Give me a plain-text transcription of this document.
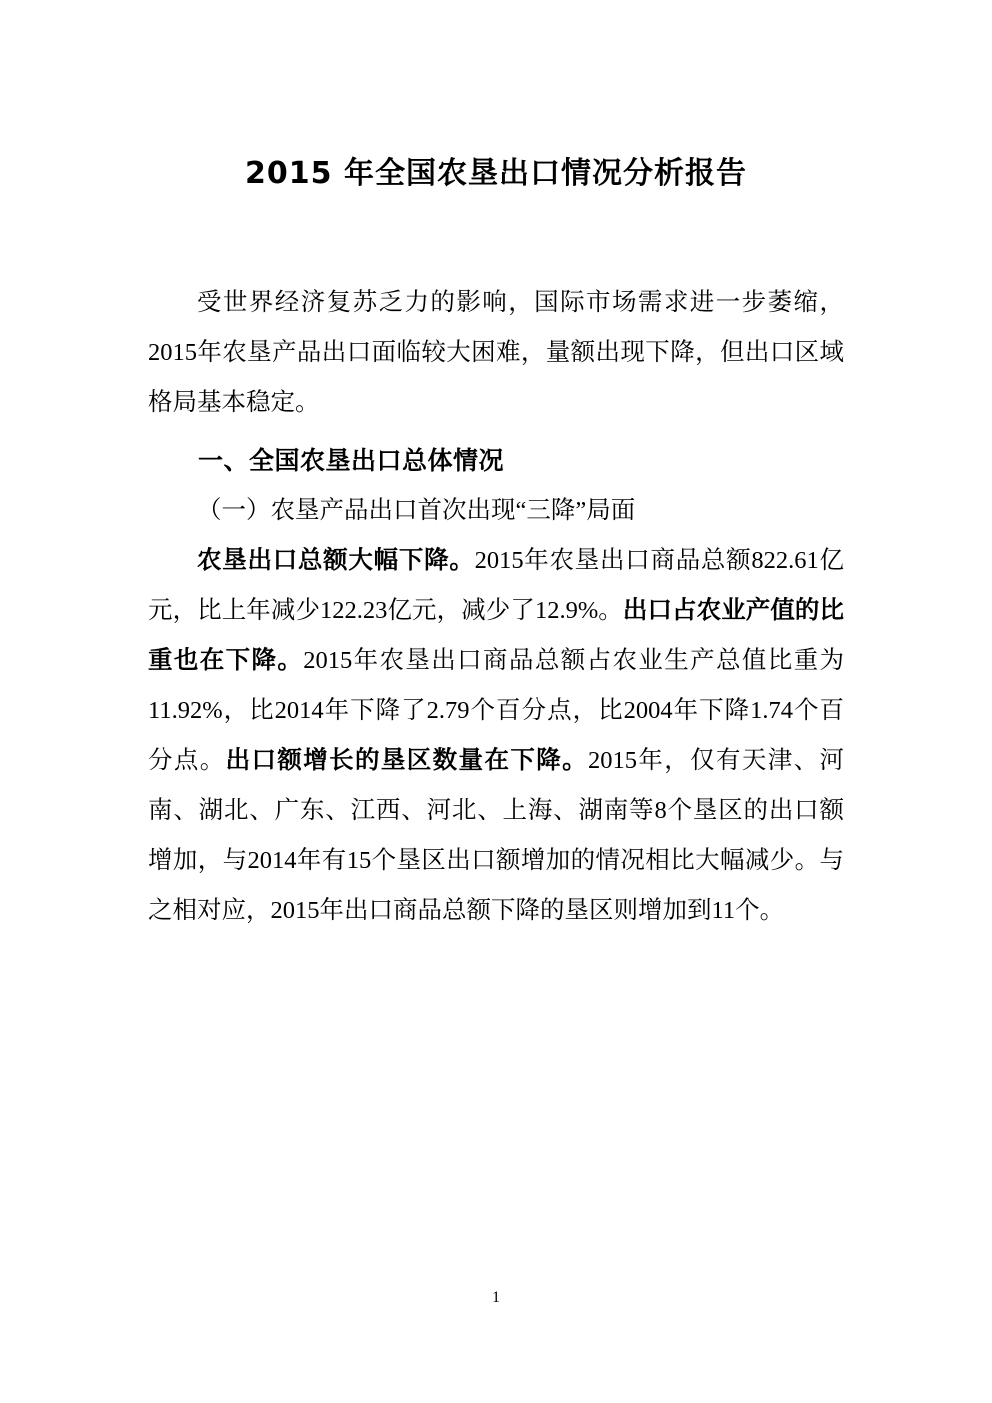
2015 年全国农垦出口情况分析报告

受世界经济复苏乏力的影响，国际市场需求进一步萎缩，2015年农垦产品出口面临较大困难，量额出现下降，但出口区域格局基本稳定。

一、全国农垦出口总体情况
（一）农垦产品出口首次出现“三降”局面

农垦出口总额大幅下降。2015年农垦出口商品总额822.61亿元，比上年减少122.23亿元，减少了12.9%。出口占农业产值的比重也在下降。2015年农垦出口商品总额占农业生产总值比重为11.92%，比2014年下降了2.79个百分点，比2004年下降1.74个百分点。出口额增长的垦区数量在下降。2015年，仅有天津、河南、湖北、广东、江西、河北、上海、湖南等8个垦区的出口额增加，与2014年有15个垦区出口额增加的情况相比大幅减少。与之相对应，2015年出口商品总额下降的垦区则增加到11个。

1
